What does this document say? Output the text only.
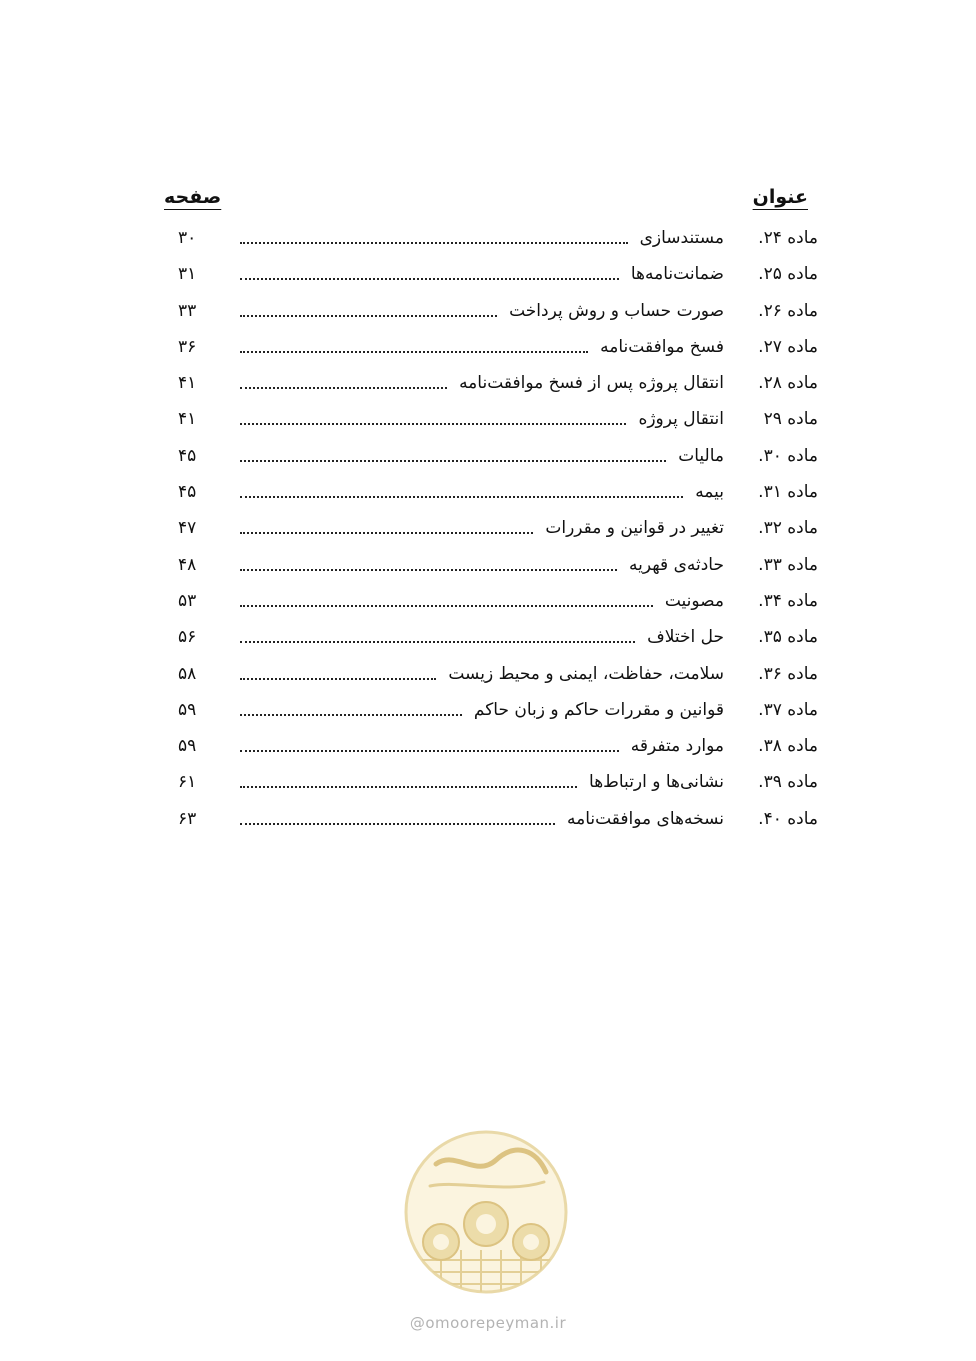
عنوان
صفحه
ماده ۲۴.
مستندسازی
۳۰
ماده ۲۵.
ضمانت‌نامه‌ها
۳۱
ماده ۲۶.
صورت حساب و روش پرداخت
۳۳
ماده ۲۷.
فسخ موافقت‌نامه
۳۶
ماده ۲۸.
انتقال پروژه پس از فسخ موافقت‌نامه
۴۱
ماده ۲۹
انتقال پروژه
۴۱
ماده ۳۰.
مالیات
۴۵
ماده ۳۱.
بیمه
۴۵
ماده ۳۲.
تغییر در قوانین و مقررات
۴۷
ماده ۳۳.
حادثه‌ی قهریه
۴۸
ماده ۳۴.
مصونیت
۵۳
ماده ۳۵.
حل اختلاف
۵۶
ماده ۳۶.
سلامت، حفاظت، ایمنی و محیط زیست
۵۸
ماده ۳۷.
قوانین و مقررات حاکم و زبان حاکم
۵۹
ماده ۳۸.
موارد متفرقه
۵۹
ماده ۳۹.
نشانی‌ها و ارتباط‌ها
۶۱
ماده ۴۰.
نسخه‌های موافقت‌نامه
۶۳
@omoorepeyman.ir
